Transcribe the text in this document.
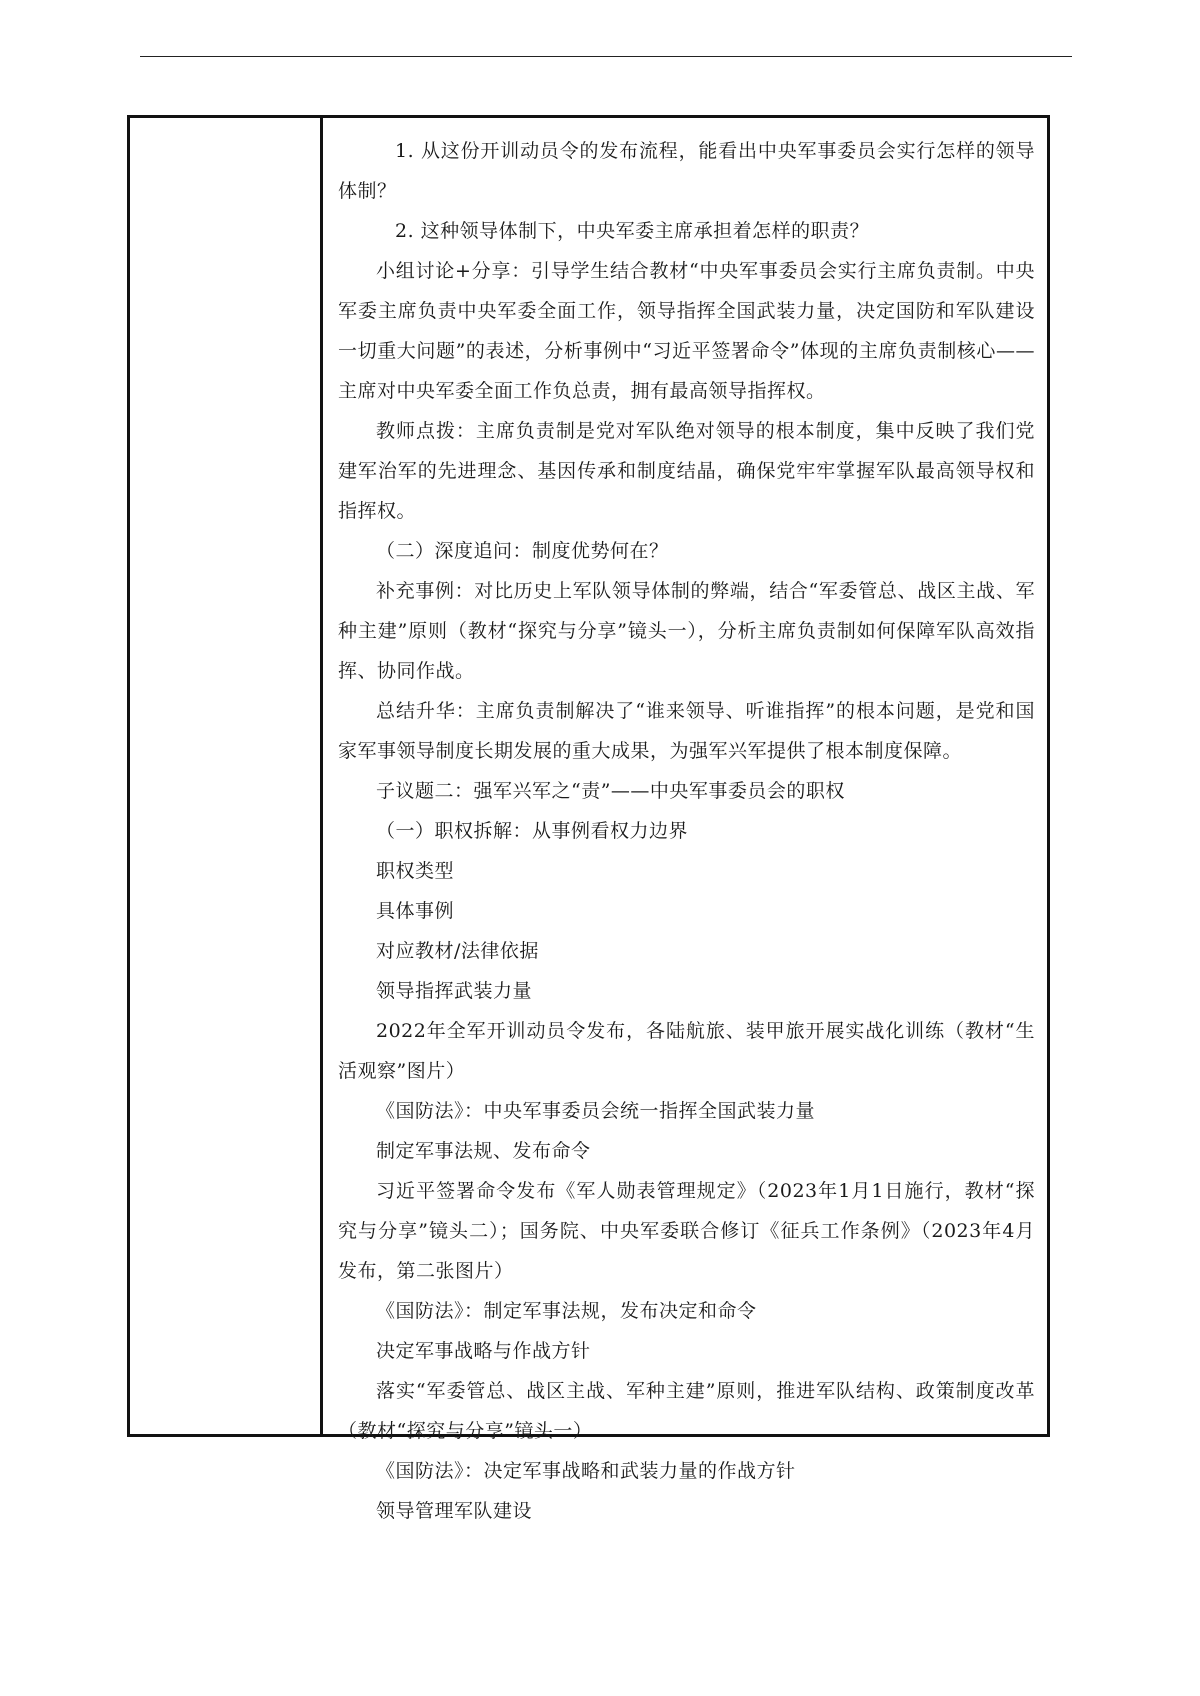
1. 从这份开训动员令的发布流程，能看出中央军事委员会实行怎样的领导体制？

2. 这种领导体制下，中央军委主席承担着怎样的职责？

小组讨论+分享：引导学生结合教材“中央军事委员会实行主席负责制。中央军委主席负责中央军委全面工作，领导指挥全国武装力量，决定国防和军队建设一切重大问题”的表述，分析事例中“习近平签署命令”体现的主席负责制核心——主席对中央军委全面工作负总责，拥有最高领导指挥权。

教师点拨：主席负责制是党对军队绝对领导的根本制度，集中反映了我们党建军治军的先进理念、基因传承和制度结晶，确保党牢牢掌握军队最高领导权和指挥权。

（二）深度追问：制度优势何在？

补充事例：对比历史上军队领导体制的弊端，结合“军委管总、战区主战、军种主建”原则（教材“探究与分享”镜头一），分析主席负责制如何保障军队高效指挥、协同作战。

总结升华：主席负责制解决了“谁来领导、听谁指挥”的根本问题，是党和国家军事领导制度长期发展的重大成果，为强军兴军提供了根本制度保障。

子议题二：强军兴军之“责”——中央军事委员会的职权

（一）职权拆解：从事例看权力边界

职权类型

具体事例

对应教材/法律依据

领导指挥武装力量

2022年全军开训动员令发布，各陆航旅、装甲旅开展实战化训练（教材“生活观察”图片）

《国防法》：中央军事委员会统一指挥全国武装力量

制定军事法规、发布命令

习近平签署命令发布《军人勋表管理规定》（2023年1月1日施行，教材“探究与分享”镜头二）；国务院、中央军委联合修订《征兵工作条例》（2023年4月发布，第二张图片）

《国防法》：制定军事法规，发布决定和命令

决定军事战略与作战方针

落实“军委管总、战区主战、军种主建”原则，推进军队结构、政策制度改革（教材“探究与分享”镜头一）

《国防法》：决定军事战略和武装力量的作战方针

领导管理军队建设
